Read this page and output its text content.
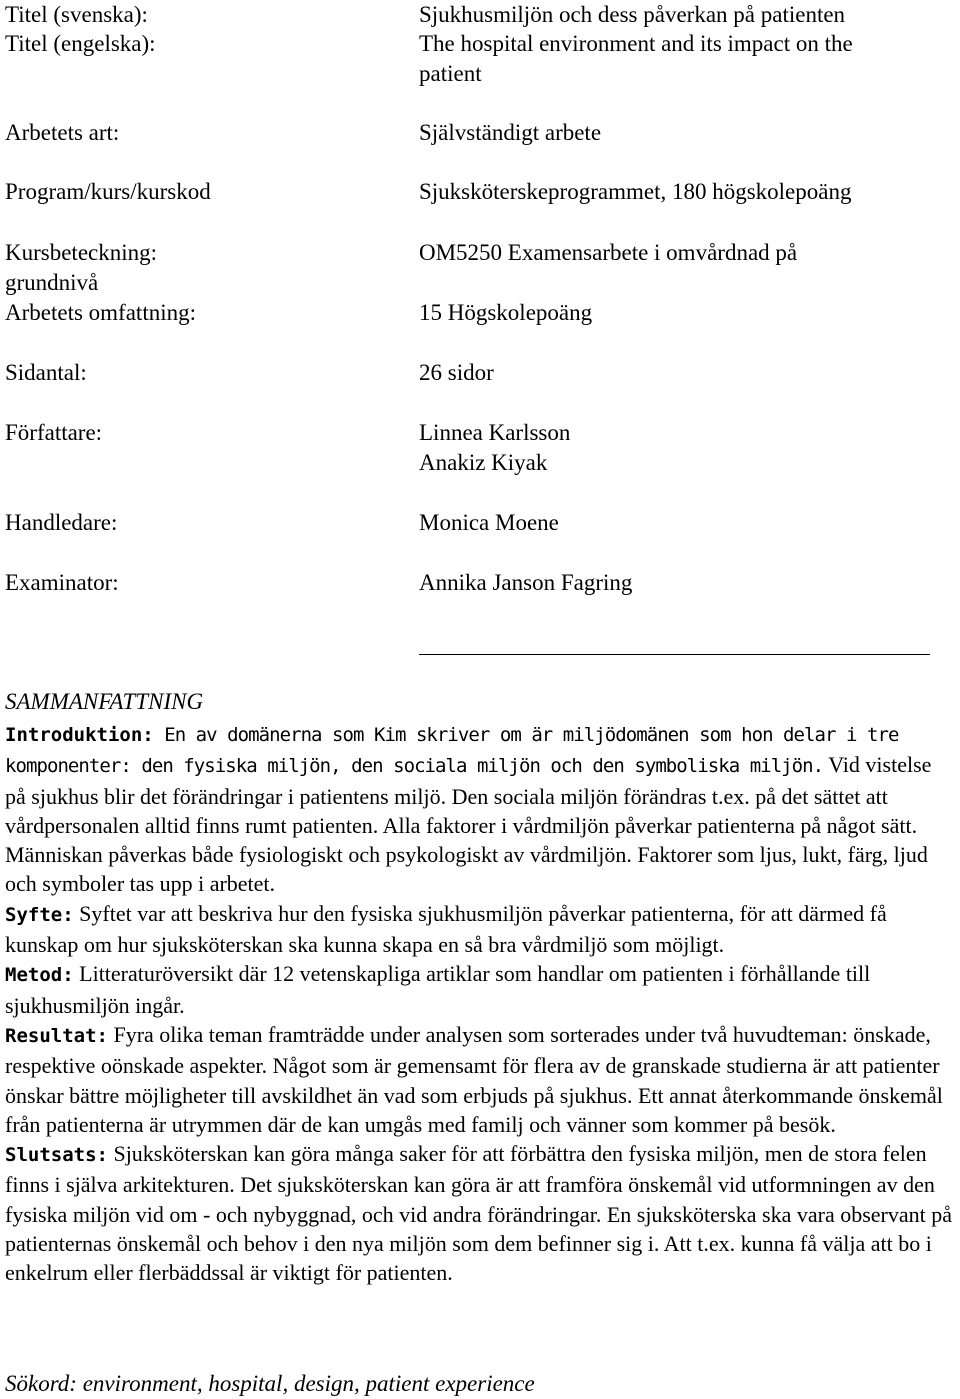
Titel (svenska):
Titel (engelska):
Arbetets art:
Program/kurs/kurskod
Kursbeteckning:
grundnivå
Arbetets omfattning:
Sidantal:
Författare:
Handledare:
Examinator:
Sjukhusmiljön och dess påverkan på patienten
The hospital environment and its impact on the
patient
Självständigt arbete
Sjuksköterskeprogrammet, 180 högskolepoäng
OM5250 Examensarbete i omvårdnad på
15 Högskolepoäng
26 sidor
Linnea Karlsson
Anakiz Kiyak
Monica Moene
Annika Janson Fagring
SAMMANFATTNING

Introduktion: En av domänerna som Kim skriver om är miljödomänen som hon delar i tre komponenter: den fysiska miljön, den sociala miljön och den symboliska miljön. Vid vistelse på sjukhus blir det förändringar i patientens miljö. Den sociala miljön förändras t.ex. på det sättet att vårdpersonalen alltid finns rumt patienten. Alla faktorer i vårdmiljön påverkar patienterna på något sätt. Människan påverkas både fysiologiskt och psykologiskt av vårdmiljön. Faktorer som ljus, lukt, färg, ljud och symboler tas upp i arbetet.

Syfte: Syftet var att beskriva hur den fysiska sjukhusmiljön påverkar patienterna, för att därmed få kunskap om hur sjuksköterskan ska kunna skapa en så bra vårdmiljö som möjligt.

Metod: Litteraturöversikt där 12 vetenskapliga artiklar som handlar om patienten i förhållande till sjukhusmiljön ingår.

Resultat: Fyra olika teman framträdde under analysen som sorterades under två huvudteman: önskade, respektive oönskade aspekter. Något som är gemensamt för flera av de granskade studierna är att patienter önskar bättre möjligheter till avskildhet än vad som erbjuds på sjukhus. Ett annat återkommande önskemål från patienterna är utrymmen där de kan umgås med familj och vänner som kommer på besök.

Slutsats: Sjuksköterskan kan göra många saker för att förbättra den fysiska miljön, men de stora felen finns i själva arkitekturen. Det sjuksköterskan kan göra är att framföra önskemål vid utformningen av den fysiska miljön vid om - och nybyggnad, och vid andra förändringar. En sjuksköterska ska vara observant på patienternas önskemål och behov i den nya miljön som dem befinner sig i. Att t.ex. kunna få välja att bo i enkelrum eller flerbäddssal är viktigt för patienten.

Sökord: environment, hospital, design, patient experience
